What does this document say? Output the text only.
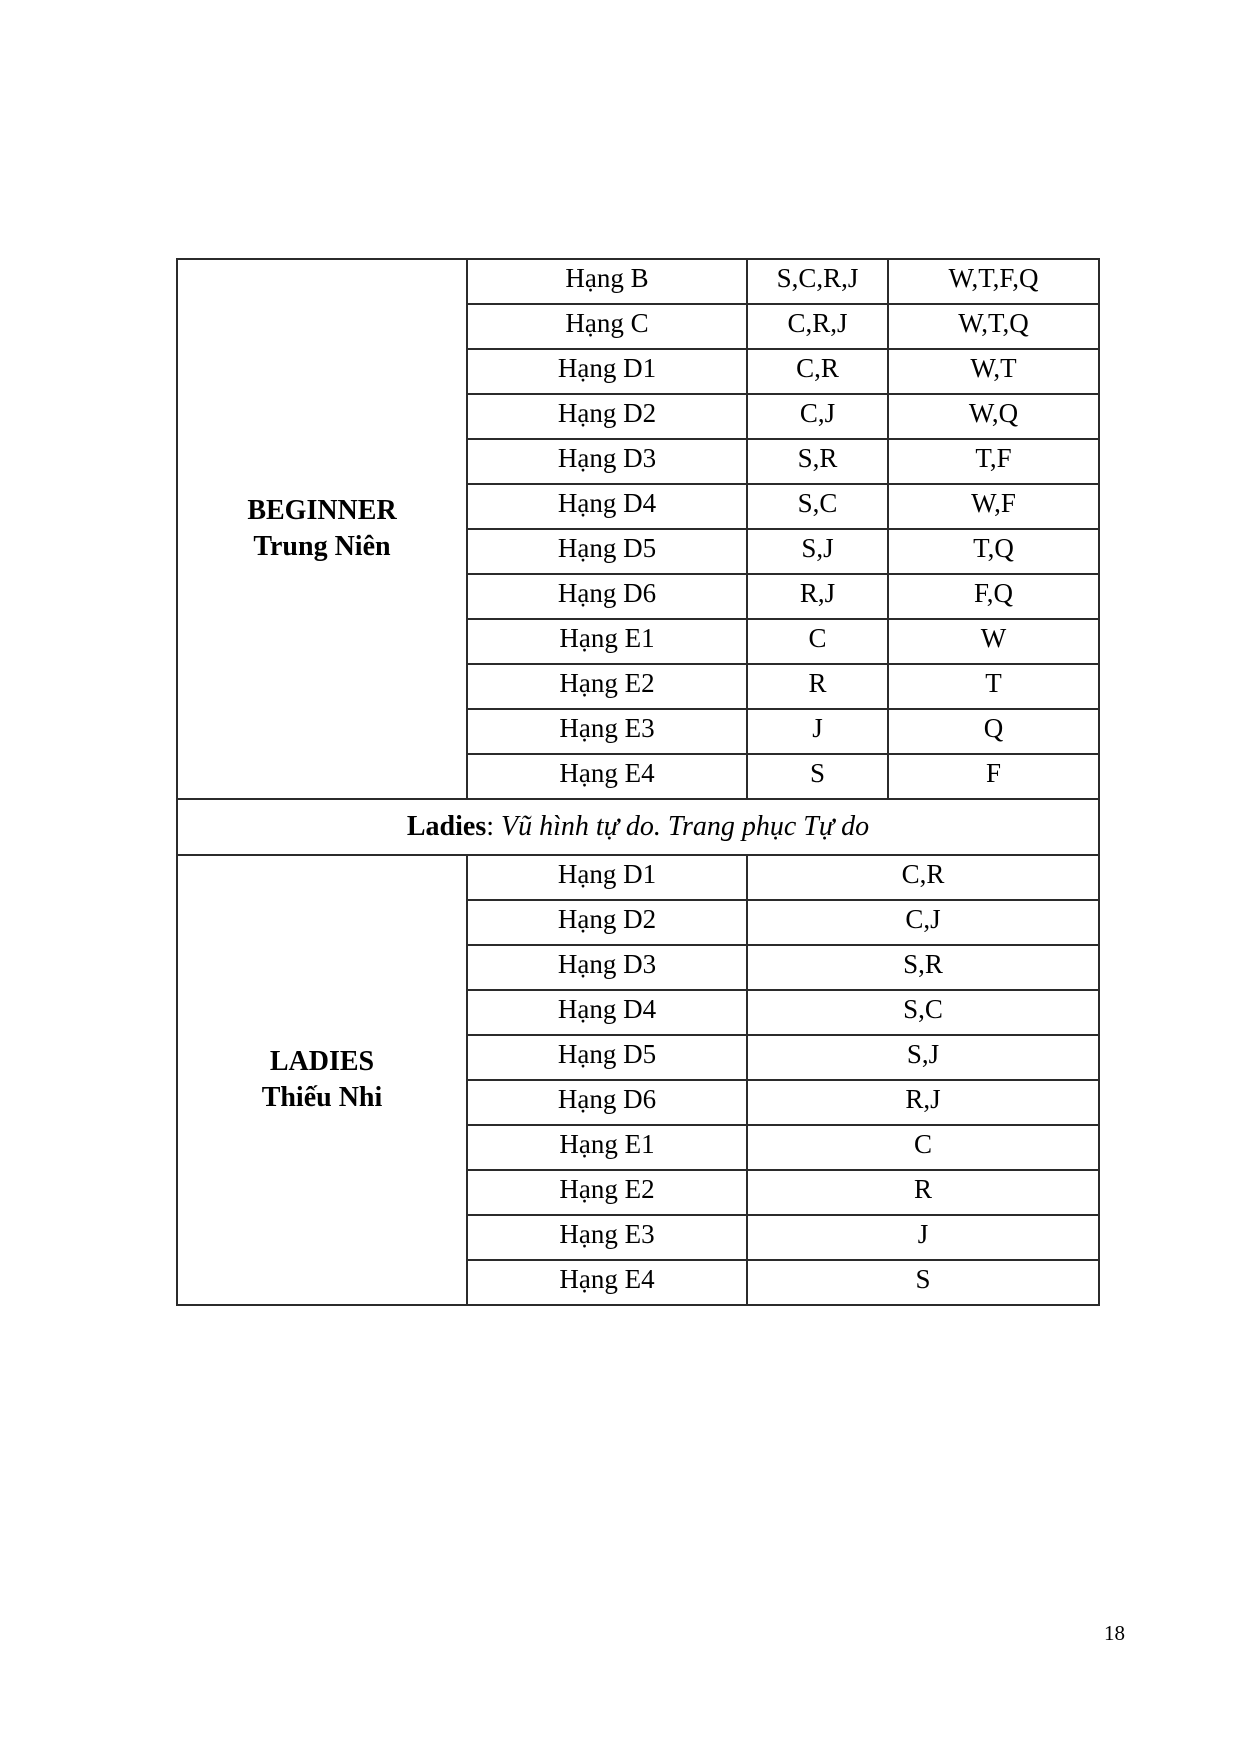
BEGINNER
Trung Niên	Hạng B	S,C,R,J	W,T,F,Q
	Hạng C	C,R,J	W,T,Q
	Hạng D1	C,R	W,T
	Hạng D2	C,J	W,Q
	Hạng D3	S,R	T,F
	Hạng D4	S,C	W,F
	Hạng D5	S,J	T,Q
	Hạng D6	R,J	F,Q
	Hạng E1	C	W
	Hạng E2	R	T
	Hạng E3	J	Q
	Hạng E4	S	F
Ladies: Vũ hình tự do. Trang phục Tự do			

LADIES
Thiếu Nhi	Hạng D1	C,R	
	Hạng D2	C,J	
	Hạng D3	S,R	
	Hạng D4	S,C	
	Hạng D5	S,J	
	Hạng D6	R,J	
	Hạng E1	C	
	Hạng E2	R	
	Hạng E3	J	
	Hạng E4	S	
18
